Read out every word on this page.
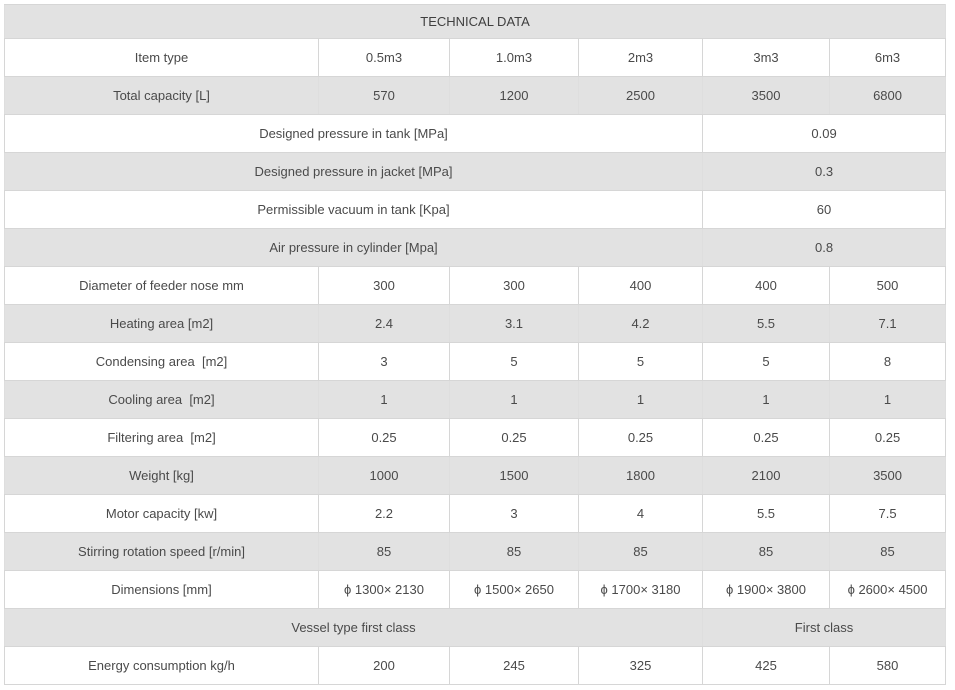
TECHNICAL DATA					
Item type	0.5m3	1.0m3	2m3	3m3	6m3
Total capacity [L]	570	1200	2500	3500	6800
Designed pressure in tank [MPa]				0.09	
Designed pressure in jacket [MPa]				0.3	
Permissible vacuum in tank [Kpa]				60	
Air pressure in cylinder [Mpa]				0.8	
Diameter of feeder nose mm	300	300	400	400	500
Heating area [m2]	2.4	3.1	4.2	5.5	7.1
Condensing area  [m2]	3	5	5	5	8
Cooling area  [m2]	1	1	1	1	1
Filtering area  [m2]	0.25	0.25	0.25	0.25	0.25
Weight [kg]	1000	1500	1800	2100	3500
Motor capacity [kw]	2.2	3	4	5.5	7.5
Stirring rotation speed [r/min]	85	85	85	85	85
Dimensions [mm]	ϕ 1300× 2130	ϕ 1500× 2650	ϕ 1700× 3180	ϕ 1900× 3800	ϕ 2600× 4500
Vessel type first class				First class	
Energy consumption kg/h	200	245	325	425	580
